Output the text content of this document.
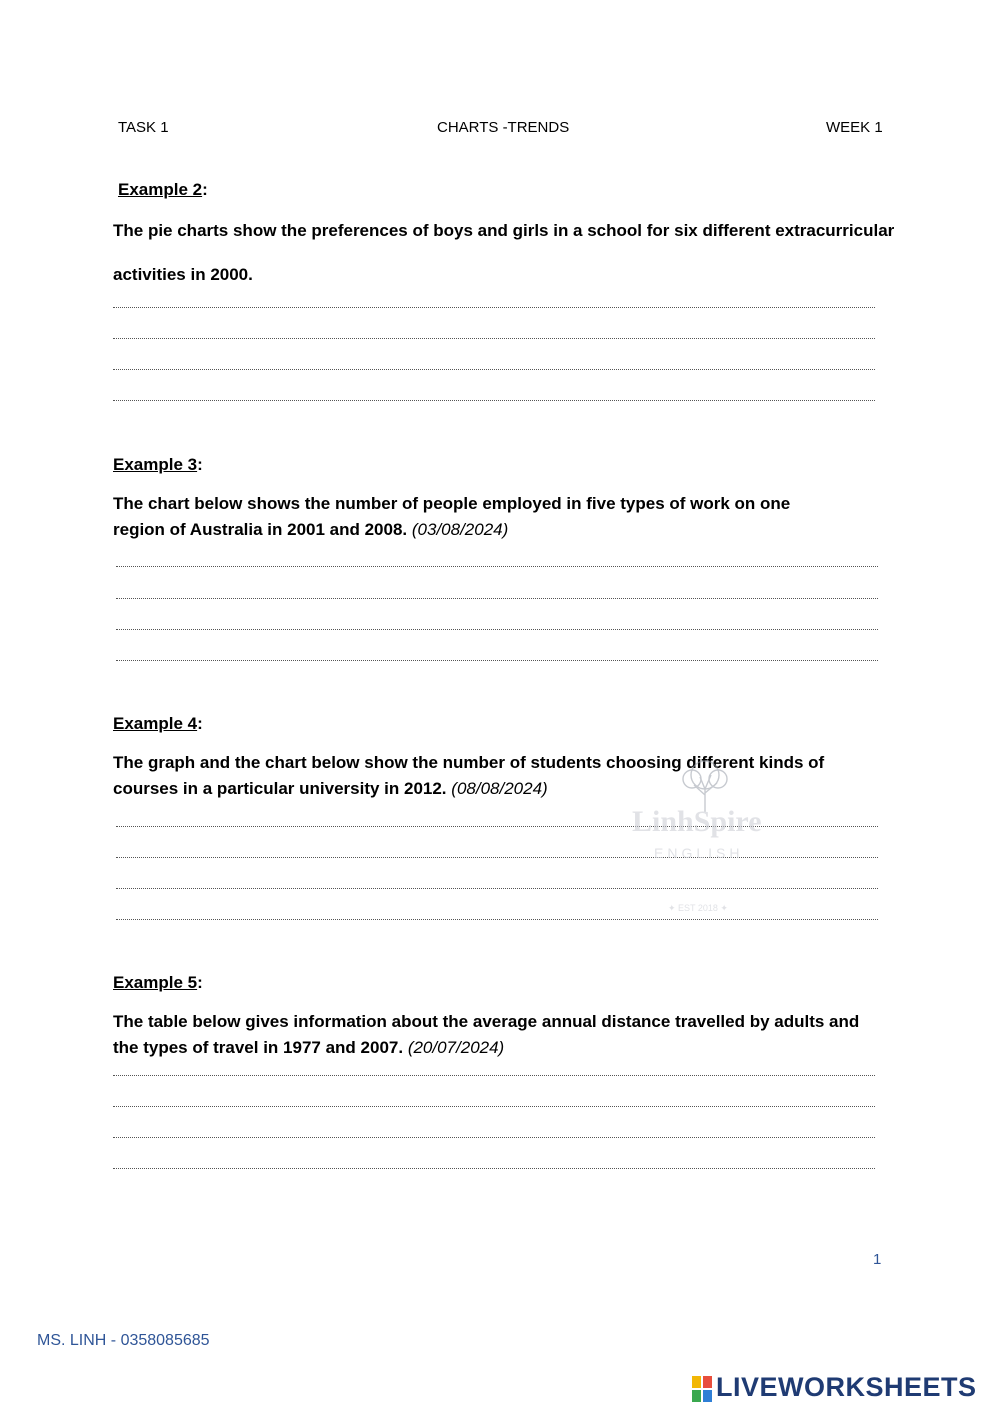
TASK 1	CHARTS -TRENDS	WEEK 1
Example 2:
The pie charts show the preferences of boys and girls in a school for six different extracurricular
activities in 2000.
Example 3:
The chart below shows the number of people employed in five types of work on one region of Australia in 2001 and 2008. (03/08/2024)
Example 4:
The graph and the chart below show the number of students choosing different kinds of courses in a particular university in 2012. (08/08/2024)
LinhSpire
ENGLISH
✦ EST 2018 ✦
Example 5:
The table below gives information about the average annual distance travelled by adults and the types of travel in 1977 and 2007. (20/07/2024)
1
MS. LINH - 0358085685
LIVEWORKSHEETS
